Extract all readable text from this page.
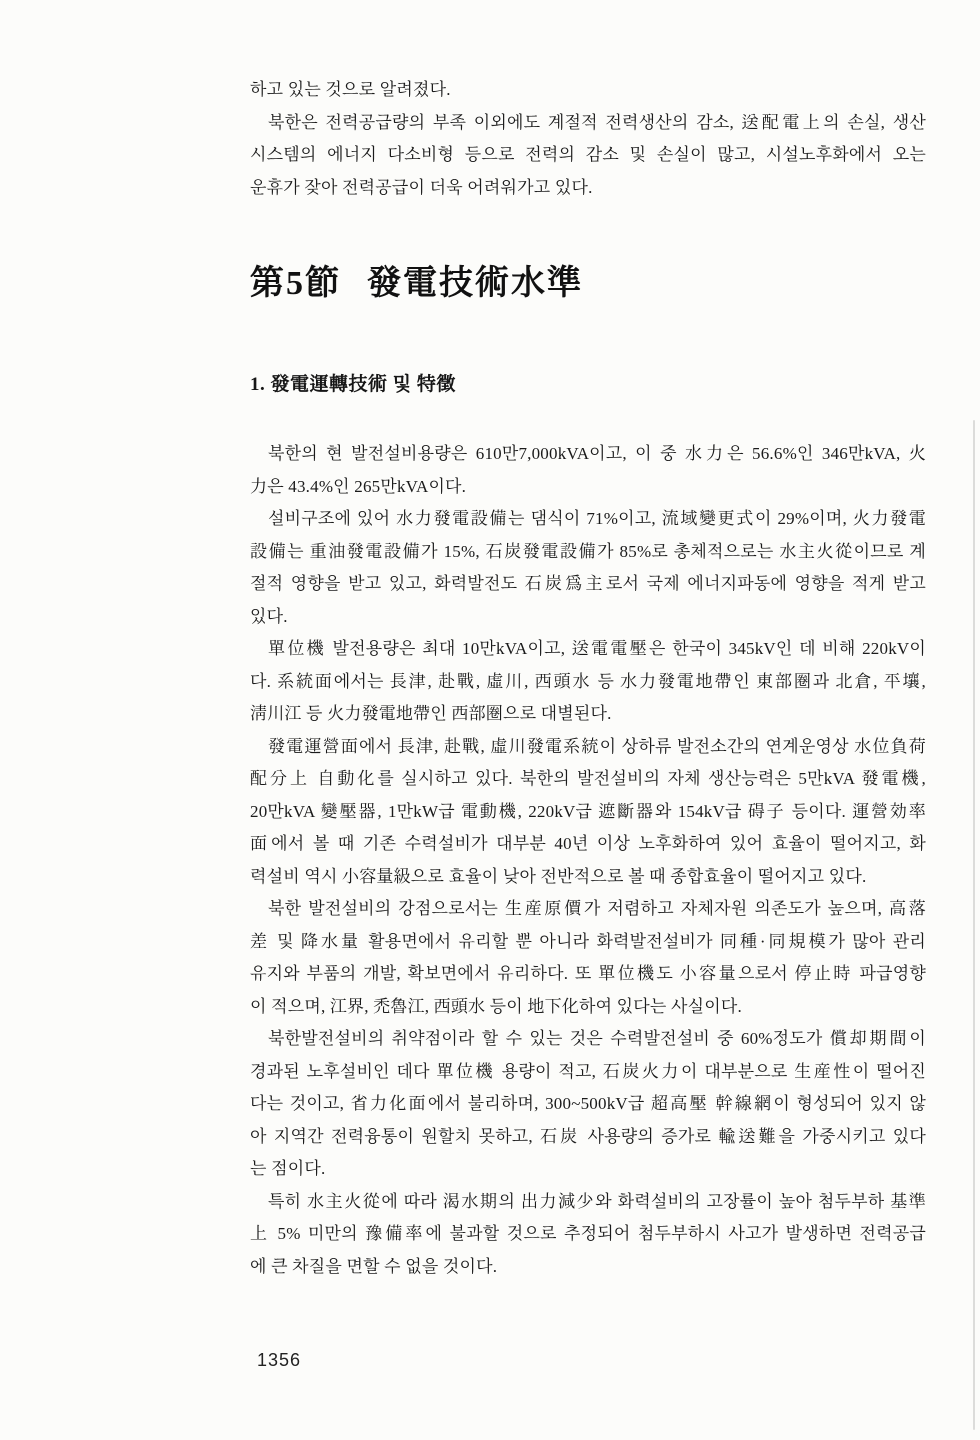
하고 있는 것으로 알려졌다.
북한은 전력공급량의 부족 이외에도 계절적 전력생산의 감소, 送配電上의 손실, 생산
시스템의 에너지 다소비형 등으로 전력의 감소 및 손실이 많고, 시설노후화에서 오는
운휴가 잦아 전력공급이 더욱 어려워가고 있다.
第5節 發電技術水準
1. 發電運轉技術 및 特徵
북한의 현 발전설비용량은 610만7,000kVA이고, 이 중 水力은 56.6%인 346만kVA, 火
力은 43.4%인 265만kVA이다.
설비구조에 있어 水力發電設備는 댐식이 71%이고, 流域變更式이 29%이며, 火力發電
設備는 重油發電設備가 15%, 石炭發電設備가 85%로 총체적으로는 水主火從이므로 계
절적 영향을 받고 있고, 화력발전도 石炭爲主로서 국제 에너지파동에 영향을 적게 받고
있다.
單位機 발전용량은 최대 10만kVA이고, 送電電壓은 한국이 345kV인 데 비해 220kV이
다. 系統面에서는 長津, 赴戰, 虛川, 西頭水 등 水力發電地帶인 東部圈과 北倉, 平壤,
淸川江 등 火力發電地帶인 西部圈으로 대별된다.
發電運營面에서 長津, 赴戰, 虛川發電系統이 상하류 발전소간의 연계운영상 水位負荷
配分上 自動化를 실시하고 있다. 북한의 발전설비의 자체 생산능력은 5만kVA 發電機,
20만kVA 變壓器, 1만kW급 電動機, 220kV급 遮斷器와 154kV급 碍子 등이다. 運營効率
面에서 볼 때 기존 수력설비가 대부분 40년 이상 노후화하여 있어 효율이 떨어지고, 화
력설비 역시 小容量級으로 효율이 낮아 전반적으로 볼 때 종합효율이 떨어지고 있다.
북한 발전설비의 강점으로서는 生産原價가 저렴하고 자체자원 의존도가 높으며, 高落
差 및 降水量 활용면에서 유리할 뿐 아니라 화력발전설비가 同種·同規模가 많아 관리
유지와 부품의 개발, 확보면에서 유리하다. 또 單位機도 小容量으로서 停止時 파급영향
이 적으며, 江界, 禿魯江, 西頭水 등이 地下化하여 있다는 사실이다.
북한발전설비의 취약점이라 할 수 있는 것은 수력발전설비 중 60%정도가 償却期間이
경과된 노후설비인 데다 單位機 용량이 적고, 石炭火力이 대부분으로 生産性이 떨어진
다는 것이고, 省力化面에서 불리하며, 300~500kV급 超高壓 幹線網이 형성되어 있지 않
아 지역간 전력융통이 원할치 못하고, 石炭 사용량의 증가로 輸送難을 가중시키고 있다
는 점이다.
특히 水主火從에 따라 渴水期의 出力減少와 화력설비의 고장률이 높아 첨두부하 基準
上 5% 미만의 豫備率에 불과할 것으로 추정되어 첨두부하시 사고가 발생하면 전력공급
에 큰 차질을 면할 수 없을 것이다.
1356
